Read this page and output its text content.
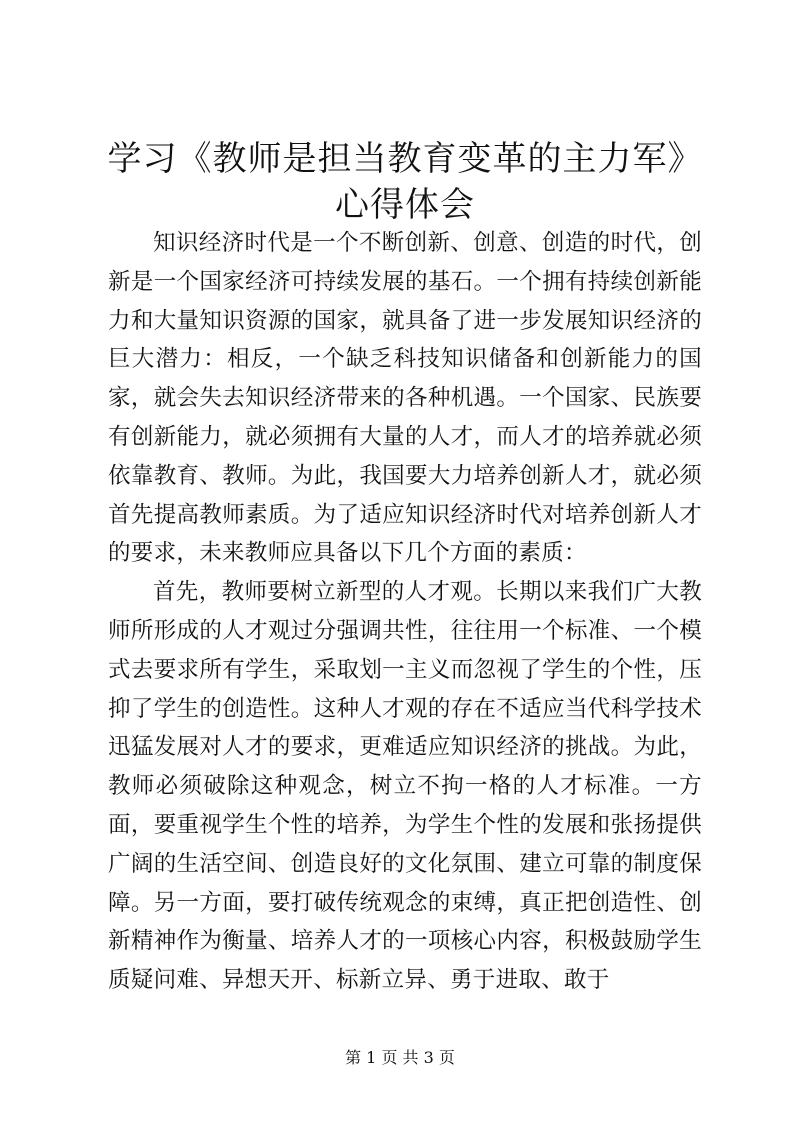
学习《教师是担当教育变革的主力军》心得体会

知识经济时代是一个不断创新、创意、创造的时代，创新是一个国家经济可持续发展的基石。一个拥有持续创新能力和大量知识资源的国家，就具备了进一步发展知识经济的巨大潜力：相反，一个缺乏科技知识储备和创新能力的国家，就会失去知识经济带来的各种机遇。一个国家、民族要有创新能力，就必须拥有大量的人才，而人才的培养就必须依靠教育、教师。为此，我国要大力培养创新人才，就必须首先提高教师素质。为了适应知识经济时代对培养创新人才的要求，未来教师应具备以下几个方面的素质：

首先，教师要树立新型的人才观。长期以来我们广大教师所形成的人才观过分强调共性，往往用一个标准、一个模式去要求所有学生，采取划一主义而忽视了学生的个性，压抑了学生的创造性。这种人才观的存在不适应当代科学技术迅猛发展对人才的要求，更难适应知识经济的挑战。为此，教师必须破除这种观念，树立不拘一格的人才标准。一方面，要重视学生个性的培养，为学生个性的发展和张扬提供广阔的生活空间、创造良好的文化氛围、建立可靠的制度保障。另一方面，要打破传统观念的束缚，真正把创造性、创新精神作为衡量、培养人才的一项核心内容，积极鼓励学生质疑问难、异想天开、标新立异、勇于进取、敢于

第 1 页 共 3 页
